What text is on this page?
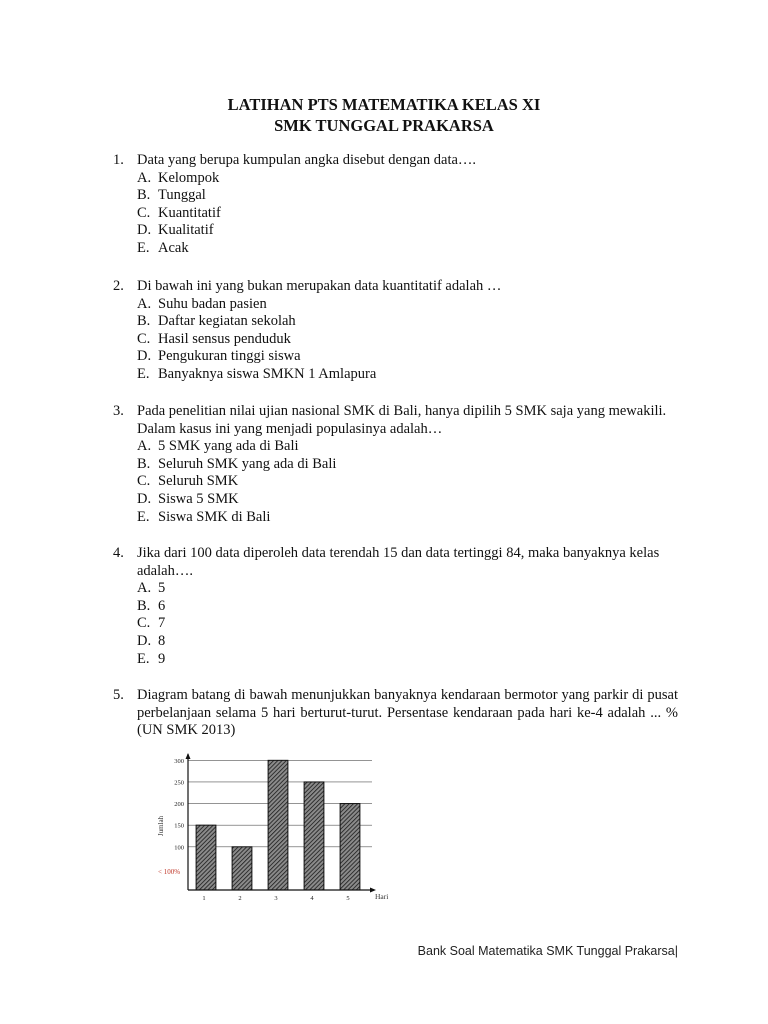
LATIHAN PTS MATEMATIKA KELAS XI
SMK TUNGGAL PRAKARSA
1. Data yang berupa kumpulan angka disebut dengan data….
A. Kelompok
B. Tunggal
C. Kuantitatif
D. Kualitatif
E. Acak
2. Di bawah ini yang bukan merupakan data kuantitatif adalah …
A. Suhu badan pasien
B. Daftar kegiatan sekolah
C. Hasil sensus penduduk
D. Pengukuran tinggi siswa
E. Banyaknya siswa SMKN 1 Amlapura
3. Pada penelitian nilai ujian nasional SMK di Bali, hanya dipilih 5 SMK saja yang mewakili. Dalam kasus ini yang menjadi populasinya adalah…
A. 5 SMK yang ada di Bali
B. Seluruh SMK yang ada di Bali
C. Seluruh SMK
D. Siswa 5 SMK
E. Siswa SMK di Bali
4. Jika dari 100 data diperoleh data terendah 15 dan data tertinggi 84, maka banyaknya kelas adalah….
A. 5
B. 6
C. 7
D. 8
E. 9
5. Diagram batang di bawah menunjukkan banyaknya kendaraan bermotor yang parkir di pusat perbelanjaan selama 5 hari berturut-turut. Persentase kendaraan pada hari ke-4 adalah ... % (UN SMK 2013)
100
150
200
250
300
1	2	3	4	5
Jumlah
Hari
< 100%
Bank Soal Matematika SMK Tunggal Prakarsa|
